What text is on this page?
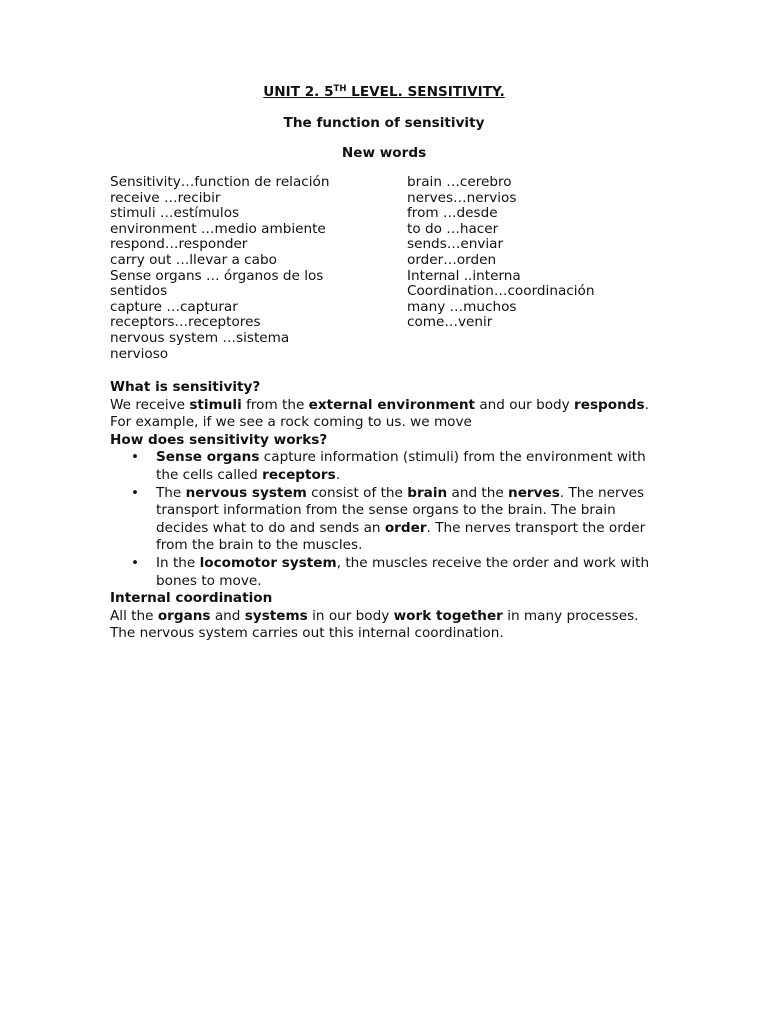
UNIT 2. 5TH LEVEL. SENSITIVITY.
The function of sensitivity
New words
Sensitivity…function de relación
receive …recibir
stimuli …estímulos
environment …medio ambiente
respond…responder
carry out …llevar a cabo
Sense organs … órganos de los
sentidos
capture …capturar
receptors…receptores
nervous system …sistema
nervioso
brain …cerebro
nerves…nervios
from …desde
to do …hacer
sends…enviar
order…orden
Internal ..interna
Coordination…coordinación
many …muchos
come…venir

What is sensitivity?

We receive stimuli from the external environment and our body responds. For example, if we see a rock coming to us. we move

How does sensitivity works?

• Sense organs capture information (stimuli) from the environment with the cells called receptors.
• The nervous system consist of the brain and the nerves. The nerves transport information from the sense organs to the brain. The brain decides what to do and sends an order. The nerves transport the order from the brain to the muscles.
• In the locomotor system, the muscles receive the order and work with bones to move.

Internal coordination

All the organs and systems in our body work together in many processes. The nervous system carries out this internal coordination.
